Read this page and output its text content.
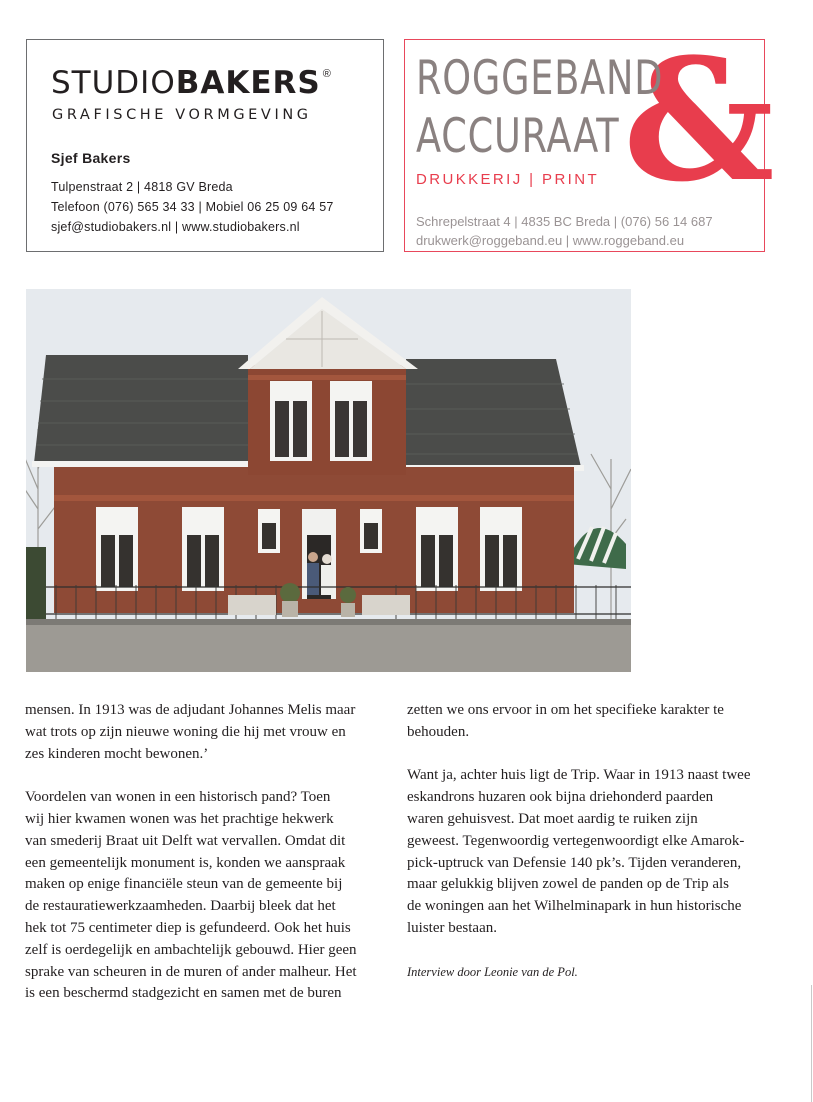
STUDIOBAKERS ®
GRAFISCHE VORMGEVING
Sjef Bakers
Tulpenstraat 2 | 4818 GV Breda
Telefoon (076) 565 34 33 | Mobiel 06 25 09 64 57
sjef@studiobakers.nl | www.studiobakers.nl
&
ROGGEBAND
ACCURAAT
DRUKKERIJ | PRINT
Schrepelstraat 4 | 4835 BC Breda | (076) 56 14 687
drukwerk@roggeband.eu | www.roggeband.eu

mensen. In 1913 was de adjudant Johannes Melis maar

wat trots op zijn nieuwe woning die hij met vrouw en

zes kinderen mocht bewonen.’

Voordelen van wonen in een historisch pand? Toen

wij hier kwamen wonen was het prachtige hekwerk

van smederij Braat uit Delft wat vervallen. Omdat dit

een gemeentelijk monument is, konden we aanspraak

maken op enige financiële steun van de gemeente bij

de restauratiewerkzaamheden. Daarbij bleek dat het

hek tot 75 centimeter diep is gefundeerd. Ook het huis

zelf is oerdegelijk en ambachtelijk gebouwd. Hier geen

sprake van scheuren in de muren of ander malheur. Het

is een beschermd stadgezicht en samen met de buren

zetten we ons ervoor in om het specifieke karakter te

behouden.

Want ja, achter huis ligt de Trip. Waar in 1913 naast twee

eskandrons huzaren ook bijna driehonderd paarden

waren gehuisvest. Dat moet aardig te ruiken zijn

geweest. Tegenwoordig vertegenwoordigt elke Amarok-

pick-uptruck van Defensie 140 pk’s. Tijden veranderen,

maar gelukkig blijven zowel de panden op de Trip als

de woningen aan het Wilhelminapark in hun historische

luister bestaan.

Interview door Leonie van de Pol.
